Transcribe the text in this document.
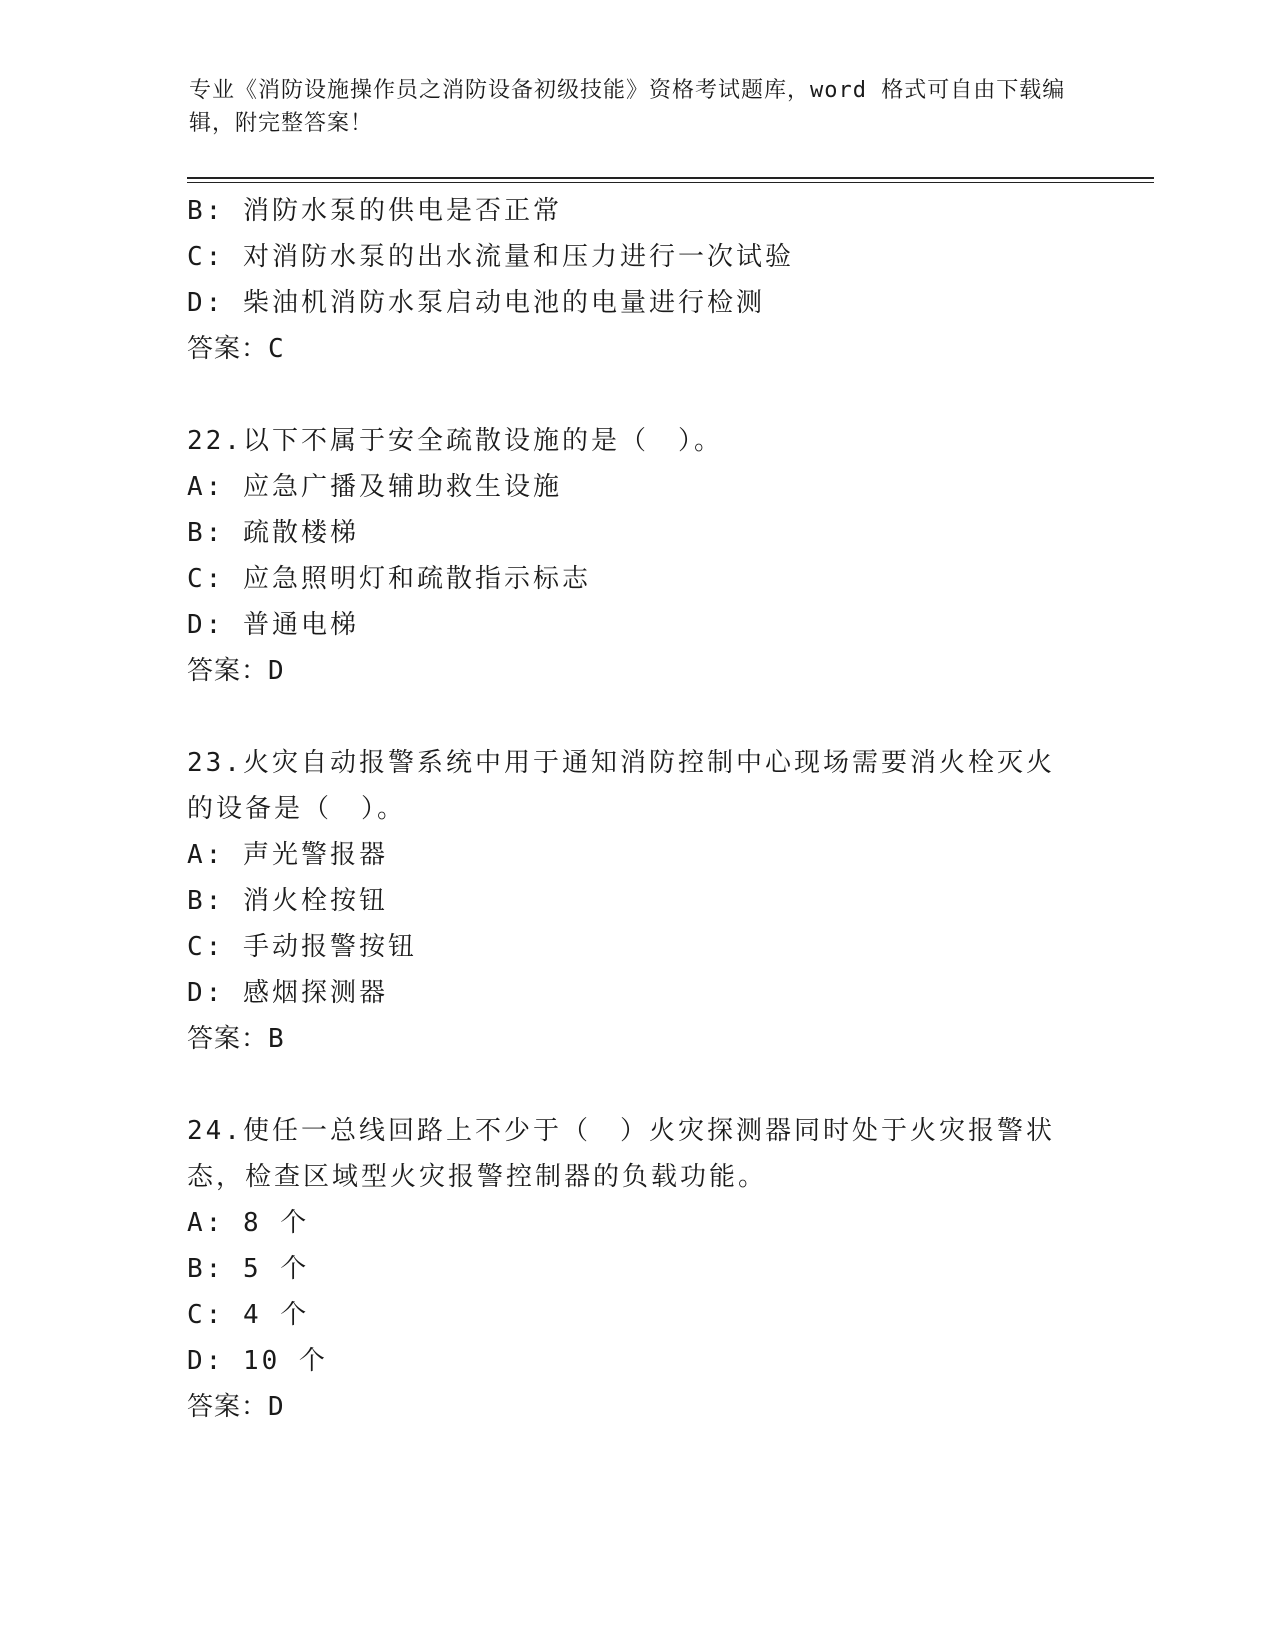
专业《消防设施操作员之消防设备初级技能》资格考试题库，word 格式可自由下载编辑，附完整答案！
B: 消防水泵的供电是否正常
C: 对消防水泵的出水流量和压力进行一次试验
D: 柴油机消防水泵启动电池的电量进行检测
答案：C
22.以下不属于安全疏散设施的是（　）。
A: 应急广播及辅助救生设施
B: 疏散楼梯
C: 应急照明灯和疏散指示标志
D: 普通电梯
答案：D
23.火灾自动报警系统中用于通知消防控制中心现场需要消火栓灭火的设备是（　）。
A: 声光警报器
B: 消火栓按钮
C: 手动报警按钮
D: 感烟探测器
答案：B
24.使任一总线回路上不少于（　）火灾探测器同时处于火灾报警状态，检查区域型火灾报警控制器的负载功能。
A: 8 个
B: 5 个
C: 4 个
D: 10 个
答案：D
